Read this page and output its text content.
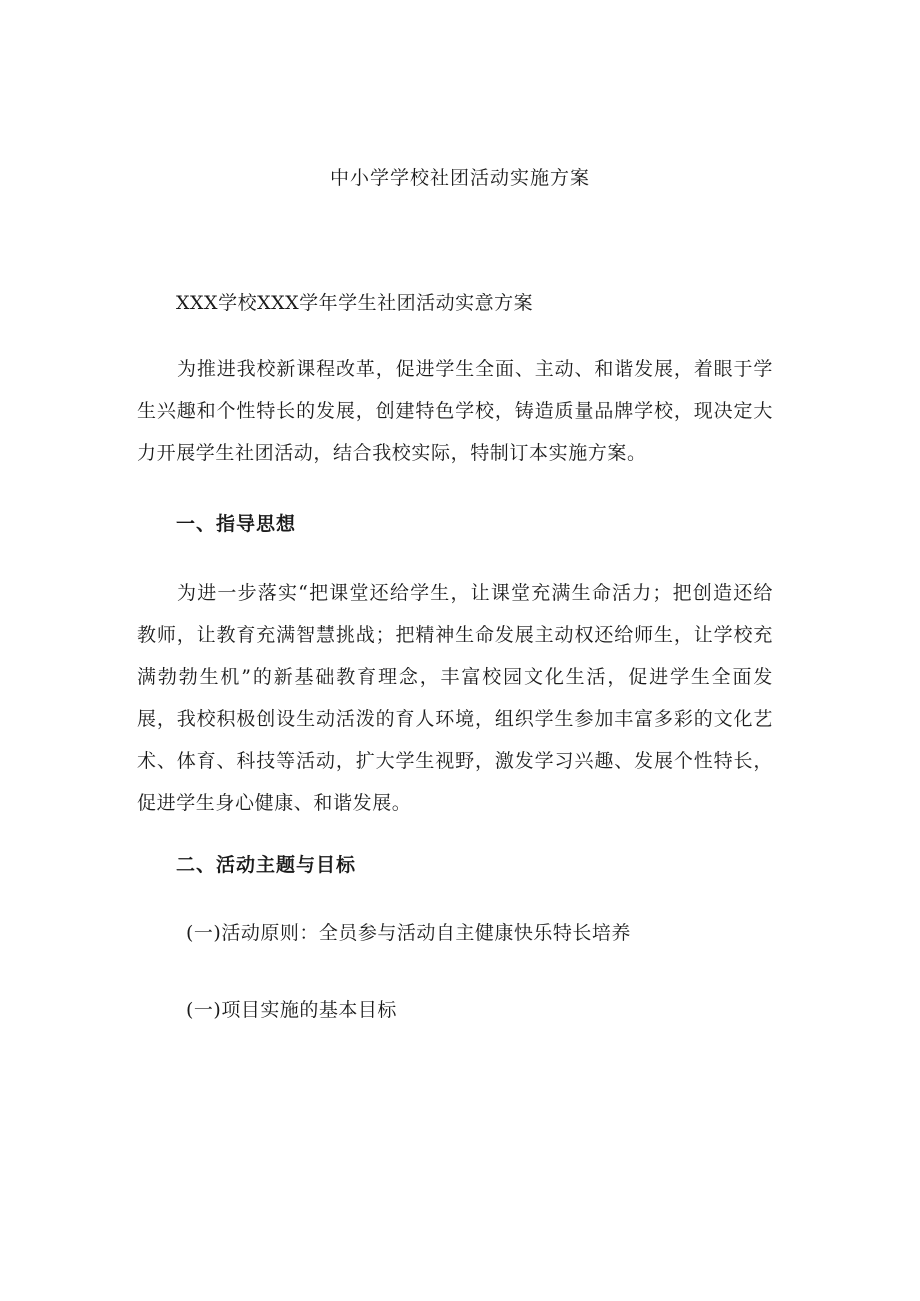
中小学学校社团活动实施方案

XXX学校XXX学年学生社团活动实意方案

为推进我校新课程改革，促进学生全面、主动、和谐发展，着眼于学生兴趣和个性特长的发展，创建特色学校，铸造质量品牌学校，现决定大力开展学生社团活动，结合我校实际，特制订本实施方案。

一、指导思想

为进一步落实“把课堂还给学生，让课堂充满生命活力；把创造还给教师，让教育充满智慧挑战；把精神生命发展主动权还给师生，让学校充满勃勃生机”的新基础教育理念，丰富校园文化生活，促进学生全面发展，我校积极创设生动活泼的育人环境，组织学生参加丰富多彩的文化艺术、体育、科技等活动，扩大学生视野，激发学习兴趣、发展个性特长，促进学生身心健康、和谐发展。

二、活动主题与目标

(一)活动原则：全员参与活动自主健康快乐特长培养

(一)项目实施的基本目标
